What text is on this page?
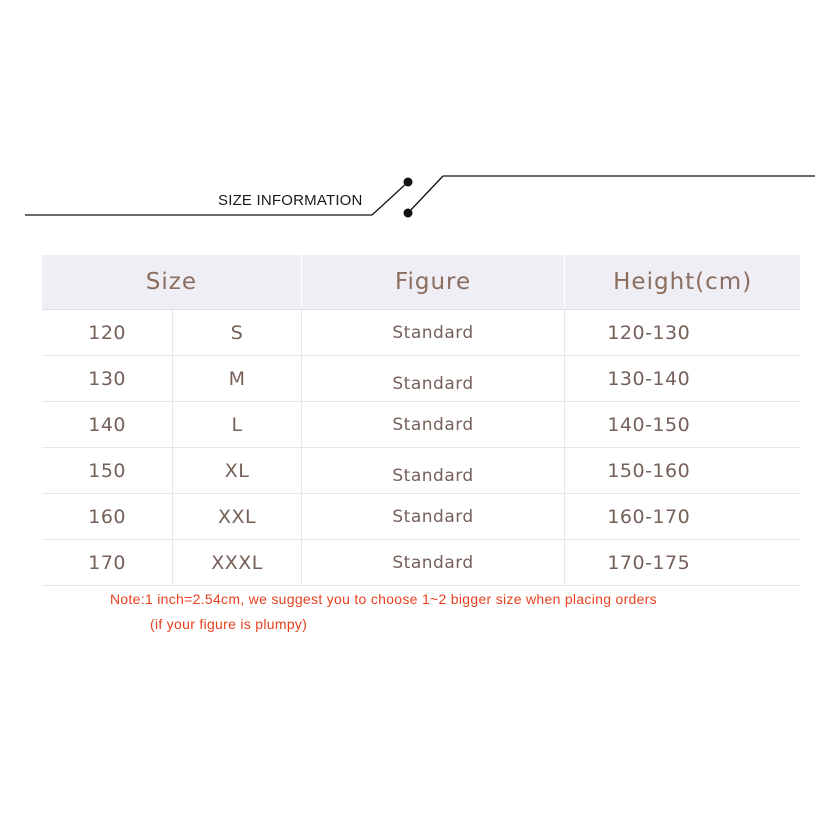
SIZE INFORMATION
Size		Figure	Height(cm)
120	S	Standard	120-130
130	M	Standard	130-140
140	L	Standard	140-150
150	XL	Standard	150-160
160	XXL	Standard	160-170
170	XXXL	Standard	170-175
Note:1 inch=2.54cm, we suggest you to choose 1~2 bigger size when placing orders
(if your figure is plumpy)
